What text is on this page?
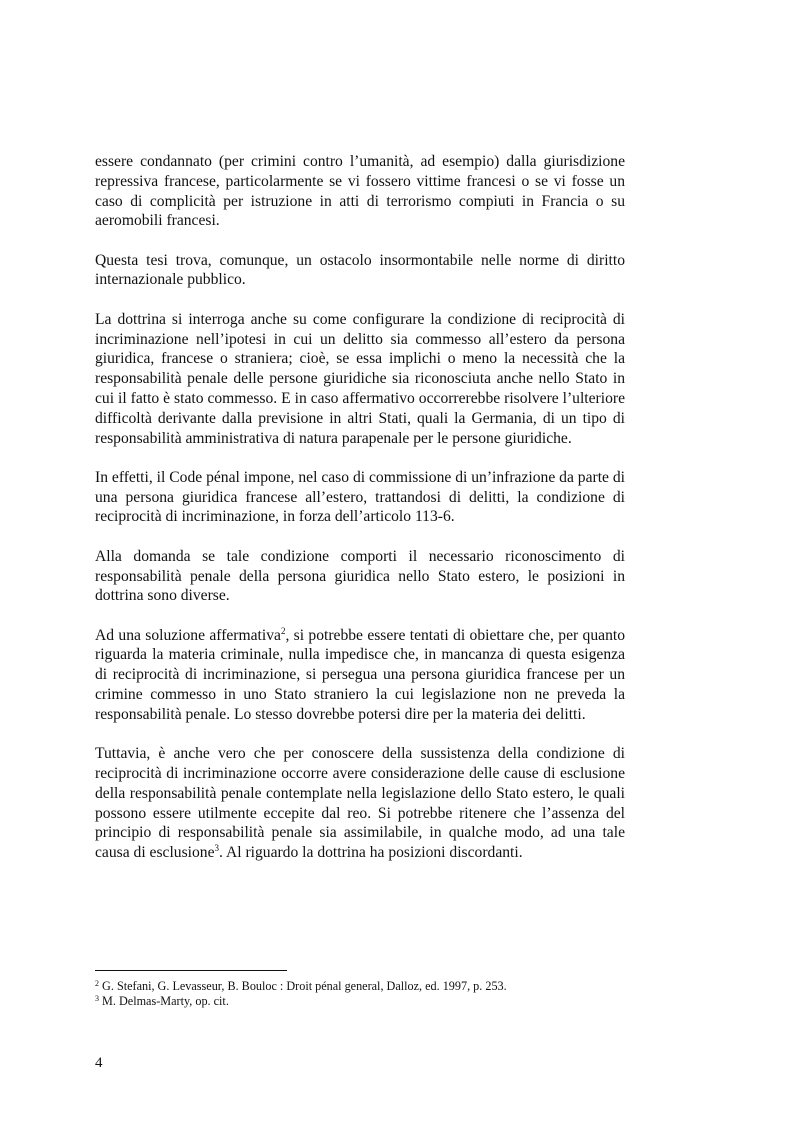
essere condannato (per crimini contro l’umanità, ad esempio) dalla giurisdizione repressiva francese, particolarmente se vi fossero vittime francesi o se vi fosse un caso di complicità per istruzione in atti di terrorismo compiuti in Francia o su aeromobili francesi.

Questa tesi trova, comunque, un ostacolo insormontabile nelle norme di diritto internazionale pubblico.

La dottrina si interroga anche su come configurare la condizione di reciprocità di incriminazione nell’ipotesi in cui un delitto sia commesso all’estero da persona giuridica, francese o straniera; cioè, se essa implichi o meno la necessità che la responsabilità penale delle persone giuridiche sia riconosciuta anche nello Stato in cui il fatto è stato commesso. E in caso affermativo occorrerebbe risolvere l’ulteriore difficoltà derivante dalla previsione in altri Stati, quali la Germania, di un tipo di responsabilità amministrativa di natura parapenale per le persone giuridiche.

In effetti, il Code pénal impone, nel caso di commissione di un’infrazione da parte di una persona giuridica francese all’estero, trattandosi di delitti, la condizione di reciprocità di incriminazione, in forza dell’articolo 113-6.

Alla domanda se tale condizione comporti il necessario riconoscimento di responsabilità penale della persona giuridica nello Stato estero, le posizioni in dottrina sono diverse.

Ad una soluzione affermativa$^2$, si potrebbe essere tentati di obiettare che, per quanto riguarda la materia criminale, nulla impedisce che, in mancanza di questa esigenza di reciprocità di incriminazione, si persegua una persona giuridica francese per un crimine commesso in uno Stato straniero la cui legislazione non ne preveda la responsabilità penale. Lo stesso dovrebbe potersi dire per la materia dei delitti.

Tuttavia, è anche vero che per conoscere della sussistenza della condizione di reciprocità di incriminazione occorre avere considerazione delle cause di esclusione della responsabilità penale contemplate nella legislazione dello Stato estero, le quali possono essere utilmente eccepite dal reo. Si potrebbe ritenere che l’assenza del principio di responsabilità penale sia assimilabile, in qualche modo, ad una tale causa di esclusione$^3$. Al riguardo la dottrina ha posizioni discordanti.

$^2$ G. Stefani, G. Levasseur, B. Bouloc : Droit pénal general, Dalloz, ed. 1997, p. 253.
$^3$ M. Delmas-Marty, op. cit.
4
